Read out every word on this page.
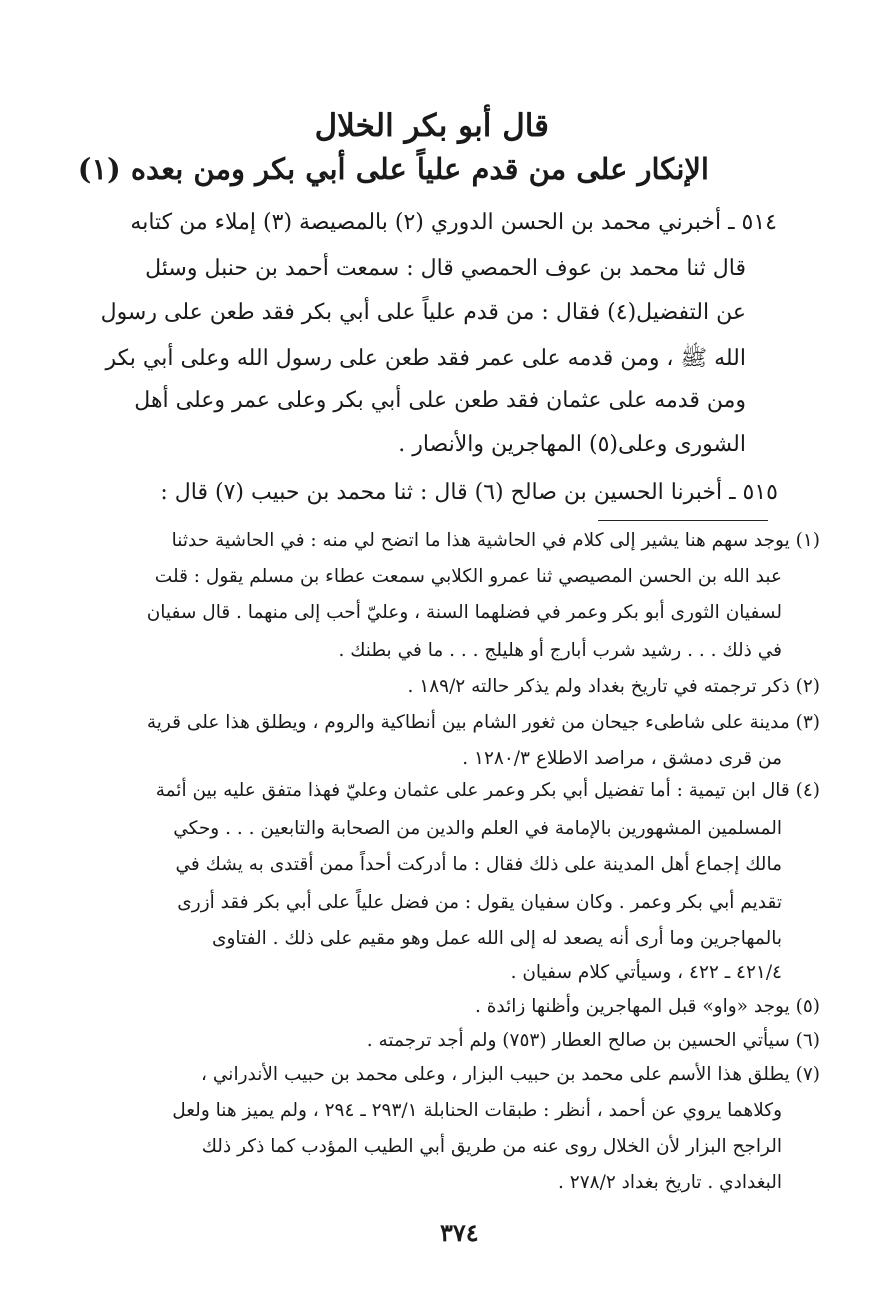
قال أبو بكر الخلال
الإنكار على من قدم علياً على أبي بكر ومن بعده (١)
٥١٤ ـ أخبرني محمد بن الحسن الدوري (٢) بالمصيصة (٣) إملاء من كتابه
قال ثنا محمد بن عوف الحمصي قال : سمعت أحمد بن حنبل وسئل
عن التفضيل(٤) فقال : من قدم علياً على أبي بكر فقد طعن على رسول
الله ﷺ ، ومن قدمه على عمر فقد طعن على رسول الله وعلى أبي بكر
ومن قدمه على عثمان فقد طعن على أبي بكر وعلى عمر وعلى أهل
الشورى وعلى(٥) المهاجرين والأنصار .
٥١٥ ـ أخبرنا الحسين بن صالح (٦) قال : ثنا محمد بن حبيب (٧) قال :
(١) يوجد سهم هنا يشير إلى كلام في الحاشية هذا ما اتضح لي منه : في الحاشية حدثنا
عبد الله بن الحسن المصيصي ثنا عمرو الكلابي سمعت عطاء بن مسلم يقول : قلت
لسفيان الثورى أبو بكر وعمر في فضلهما السنة ، وعليّ أحب إلى منهما . قال سفيان
في ذلك . . . رشيد شرب أبارج أو هليلج . . . ما في بطنك .
(٢) ذكر ترجمته في تاريخ بغداد ولم يذكر حالته ١٨٩/٢ .
(٣) مدينة على شاطىء جيحان من ثغور الشام بين أنطاكية والروم ، ويطلق هذا على قرية
من قرى دمشق ، مراصد الاطلاع ١٢٨٠/٣ .
(٤) قال ابن تيمية : أما تفضيل أبي بكر وعمر على عثمان وعليّ فهذا متفق عليه بين أئمة
المسلمين المشهورين بالإمامة في العلم والدين من الصحابة والتابعين . . . وحكي
مالك إجماع أهل المدينة على ذلك فقال : ما أدركت أحداً ممن أقتدى به يشك في
تقديم أبي بكر وعمر . وكان سفيان يقول : من فضل علياً على أبي بكر فقد أزرى
بالمهاجرين وما أرى أنه يصعد له إلى الله عمل وهو مقيم على ذلك . الفتاوى
٤٢١/٤ ـ ٤٢٢ ، وسيأتي كلام سفيان .
(٥) يوجد «واو» قبل المهاجرين وأظنها زائدة .
(٦) سيأتي الحسين بن صالح العطار (٧٥٣) ولم أجد ترجمته .
(٧) يطلق هذا الأسم على محمد بن حبيب البزار ، وعلى محمد بن حبيب الأندراني ،
وكلاهما يروي عن أحمد ، أنظر : طبقات الحنابلة ٢٩٣/١ ـ ٢٩٤ ، ولم يميز هنا ولعل
الراجح البزار لأن الخلال روى عنه من طريق أبي الطيب المؤدب كما ذكر ذلك
البغدادي . تاريخ بغداد ٢٧٨/٢ .
٣٧٤
